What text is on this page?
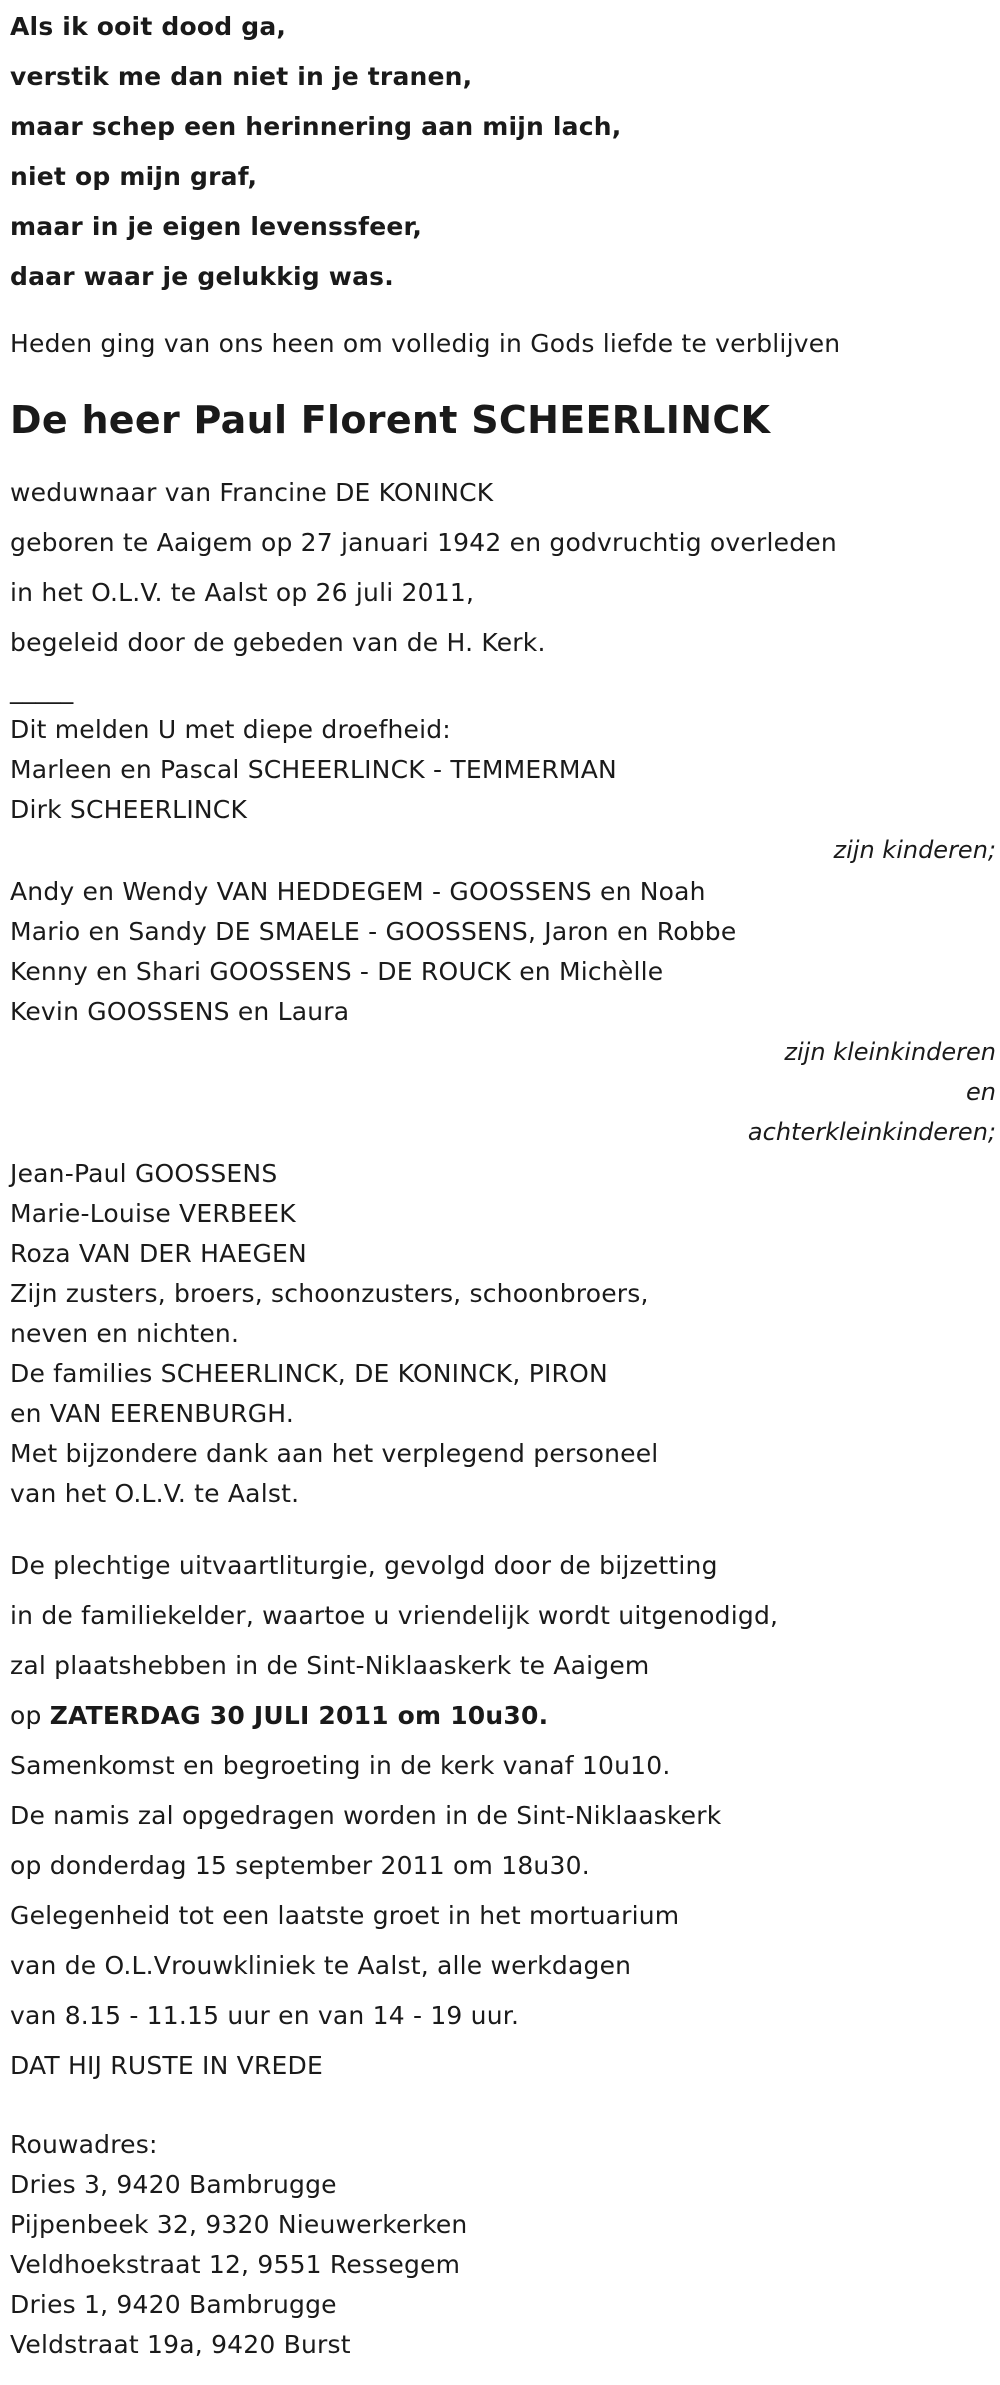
Als ik ooit dood ga,
verstik me dan niet in je tranen,
maar schep een herinnering aan mijn lach,
niet op mijn graf,
maar in je eigen levenssfeer,
daar waar je gelukkig was.
Heden ging van ons heen om volledig in Gods liefde te verblijven
De heer Paul Florent SCHEERLINCK
weduwnaar van Francine DE KONINCK
geboren te Aaigem op 27 januari 1942 en godvruchtig overleden
in het O.L.V. te Aalst op 26 juli 2011,
begeleid door de gebeden van de H. Kerk.
_____
Dit melden U met diepe droefheid:
Marleen en Pascal SCHEERLINCK - TEMMERMAN
Dirk SCHEERLINCK
zijn kinderen;
Andy en Wendy VAN HEDDEGEM - GOOSSENS en Noah
Mario en Sandy DE SMAELE - GOOSSENS, Jaron en Robbe
Kenny en Shari GOOSSENS - DE ROUCK en Michèlle
Kevin GOOSSENS en Laura
zijn kleinkinderen
en
achterkleinkinderen;
Jean-Paul GOOSSENS
Marie-Louise VERBEEK
Roza VAN DER HAEGEN
Zijn zusters, broers, schoonzusters, schoonbroers,
neven en nichten.
De families SCHEERLINCK, DE KONINCK, PIRON
en VAN EERENBURGH.
Met bijzondere dank aan het verplegend personeel
van het O.L.V. te Aalst.
De plechtige uitvaartliturgie, gevolgd door de bijzetting
in de familiekelder, waartoe u vriendelijk wordt uitgenodigd,
zal plaatshebben in de Sint-Niklaaskerk te Aaigem
op ZATERDAG 30 JULI 2011 om 10u30.
Samenkomst en begroeting in de kerk vanaf 10u10.
De namis zal opgedragen worden in de Sint-Niklaaskerk
op donderdag 15 september 2011 om 18u30.
Gelegenheid tot een laatste groet in het mortuarium
van de O.L.Vrouwkliniek te Aalst, alle werkdagen
van 8.15 - 11.15 uur en van 14 - 19 uur.
DAT HIJ RUSTE IN VREDE
Rouwadres:
Dries 3, 9420 Bambrugge
Pijpenbeek 32, 9320 Nieuwerkerken
Veldhoekstraat 12, 9551 Ressegem
Dries 1, 9420 Bambrugge
Veldstraat 19a, 9420 Burst
